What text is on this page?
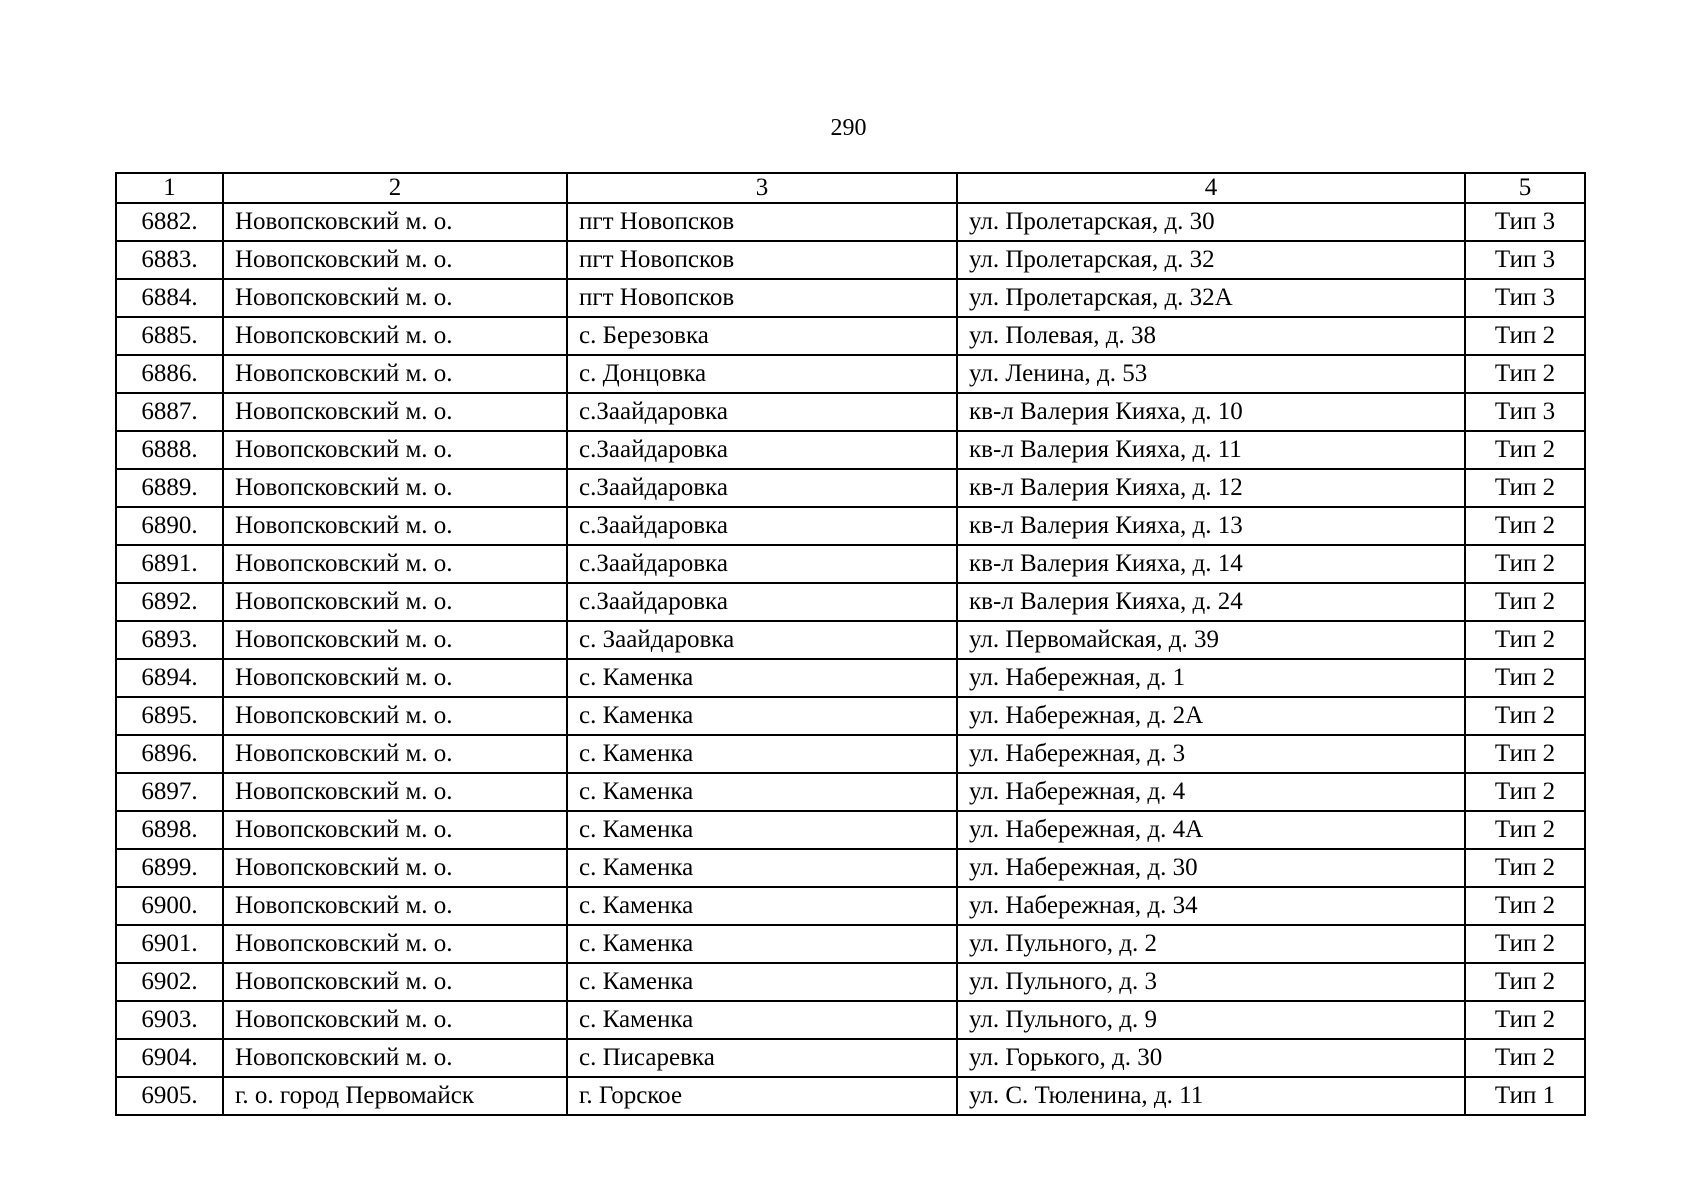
290
1	2	3	4	5
6882.	Новопсковский м. о.	пгт Новопсков	ул. Пролетарская, д. 30	Тип 3
6883.	Новопсковский м. о.	пгт Новопсков	ул. Пролетарская, д. 32	Тип 3
6884.	Новопсковский м. о.	пгт Новопсков	ул. Пролетарская, д. 32А	Тип 3
6885.	Новопсковский м. о.	с. Березовка	ул. Полевая, д. 38	Тип 2
6886.	Новопсковский м. о.	с. Донцовка	ул. Ленина, д. 53	Тип 2
6887.	Новопсковский м. о.	с.Заайдаровка	кв-л Валерия Кияха, д. 10	Тип 3
6888.	Новопсковский м. о.	с.Заайдаровка	кв-л Валерия Кияха, д. 11	Тип 2
6889.	Новопсковский м. о.	с.Заайдаровка	кв-л Валерия Кияха, д. 12	Тип 2
6890.	Новопсковский м. о.	с.Заайдаровка	кв-л Валерия Кияха, д. 13	Тип 2
6891.	Новопсковский м. о.	с.Заайдаровка	кв-л Валерия Кияха, д. 14	Тип 2
6892.	Новопсковский м. о.	с.Заайдаровка	кв-л Валерия Кияха, д. 24	Тип 2
6893.	Новопсковский м. о.	с. Заайдаровка	ул. Первомайская, д. 39	Тип 2
6894.	Новопсковский м. о.	с. Каменка	ул. Набережная, д. 1	Тип 2
6895.	Новопсковский м. о.	с. Каменка	ул. Набережная, д. 2А	Тип 2
6896.	Новопсковский м. о.	с. Каменка	ул. Набережная, д. 3	Тип 2
6897.	Новопсковский м. о.	с. Каменка	ул. Набережная, д. 4	Тип 2
6898.	Новопсковский м. о.	с. Каменка	ул. Набережная, д. 4А	Тип 2
6899.	Новопсковский м. о.	с. Каменка	ул. Набережная, д. 30	Тип 2
6900.	Новопсковский м. о.	с. Каменка	ул. Набережная, д. 34	Тип 2
6901.	Новопсковский м. о.	с. Каменка	ул. Пульного, д. 2	Тип 2
6902.	Новопсковский м. о.	с. Каменка	ул. Пульного, д. 3	Тип 2
6903.	Новопсковский м. о.	с. Каменка	ул. Пульного, д. 9	Тип 2
6904.	Новопсковский м. о.	с. Писаревка	ул. Горького, д. 30	Тип 2
6905.	г. о. город Первомайск	г. Горское	ул. С. Тюленина, д. 11	Тип 1
